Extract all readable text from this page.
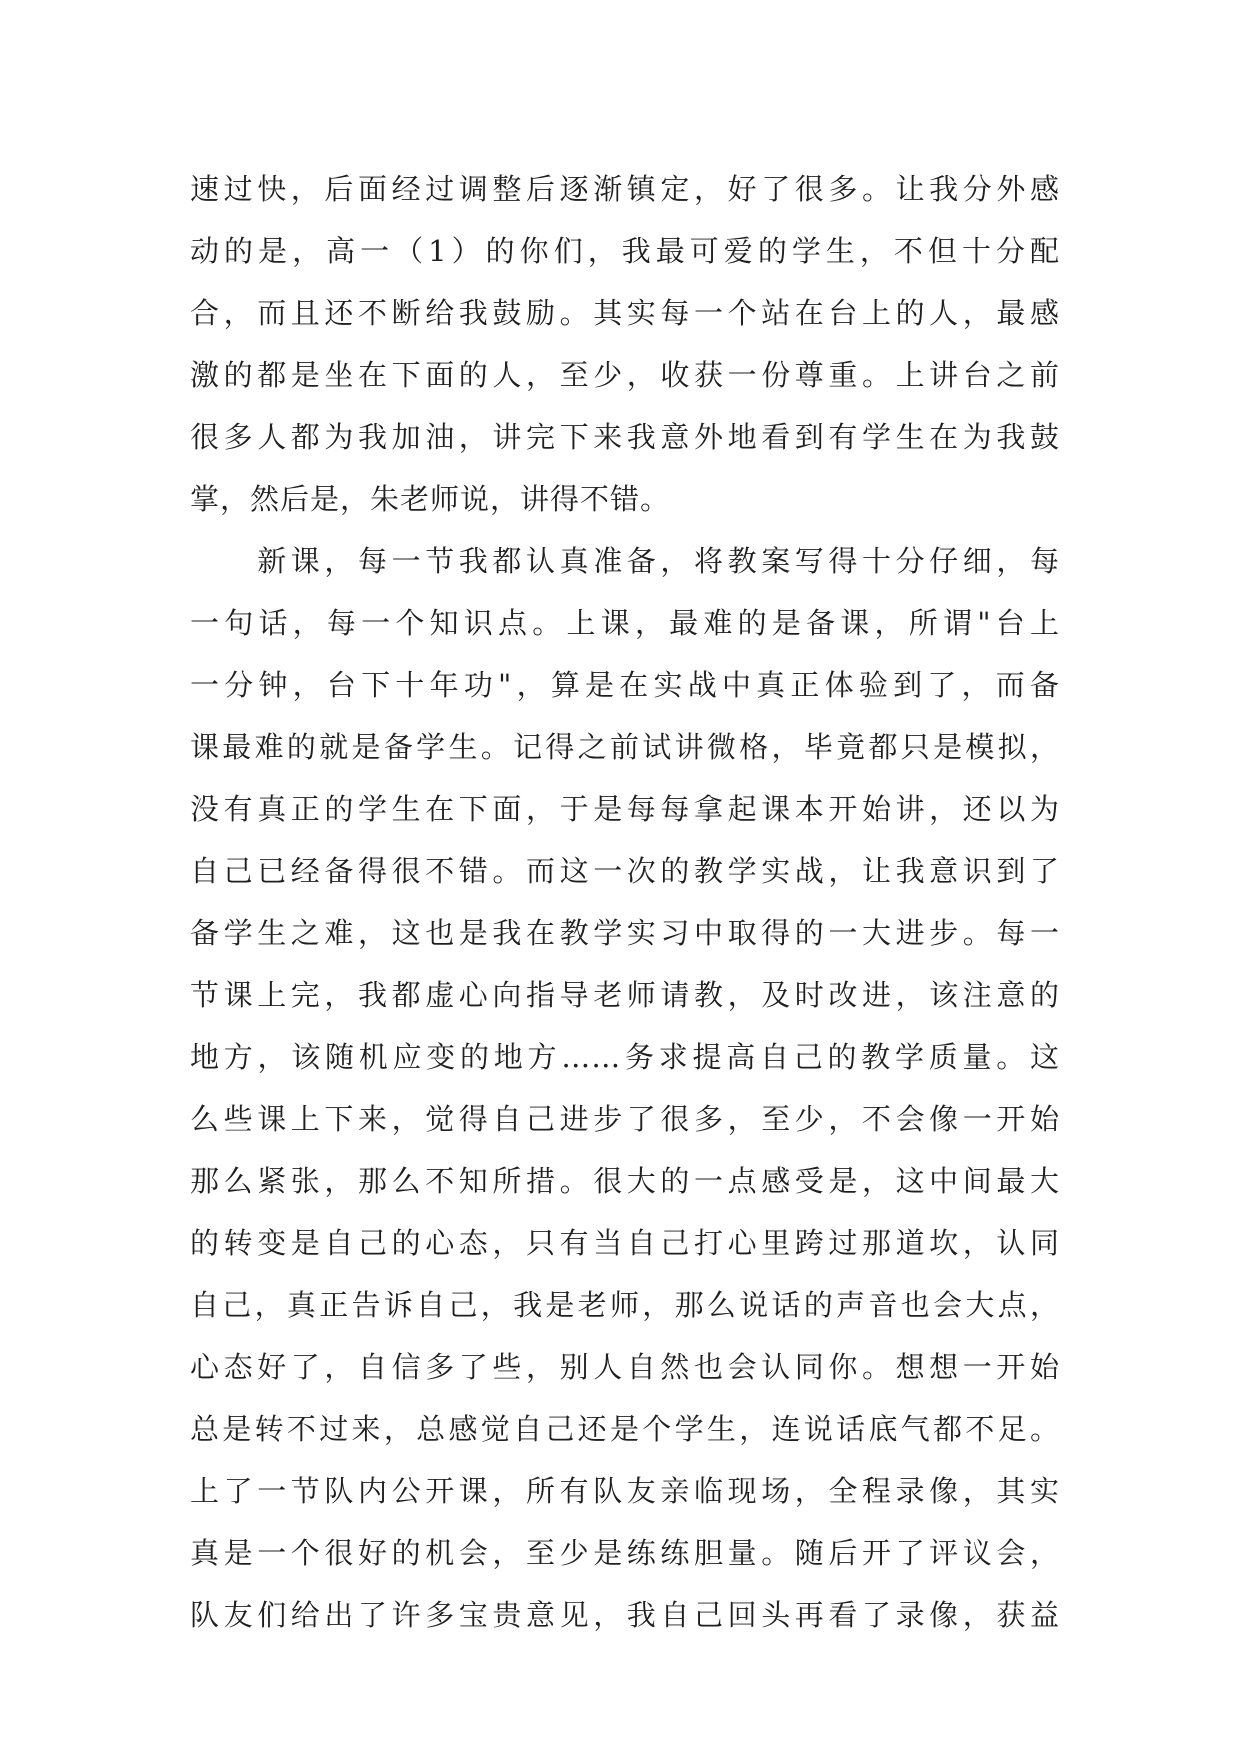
速过快，后面经过调整后逐渐镇定，好了很多。让我分外感
动的是，高一（1）的你们，我最可爱的学生，不但十分配
合，而且还不断给我鼓励。其实每一个站在台上的人，最感
激的都是坐在下面的人，至少，收获一份尊重。上讲台之前
很多人都为我加油，讲完下来我意外地看到有学生在为我鼓
掌，然后是，朱老师说，讲得不错。
　　新课，每一节我都认真准备，将教案写得十分仔细，每
一句话，每一个知识点。上课，最难的是备课，所谓"台上
一分钟，台下十年功"，算是在实战中真正体验到了，而备
课最难的就是备学生。记得之前试讲微格，毕竟都只是模拟，
没有真正的学生在下面，于是每每拿起课本开始讲，还以为
自己已经备得很不错。而这一次的教学实战，让我意识到了
备学生之难，这也是我在教学实习中取得的一大进步。每一
节课上完，我都虚心向指导老师请教，及时改进，该注意的
地方，该随机应变的地方……务求提高自己的教学质量。这
么些课上下来，觉得自己进步了很多，至少，不会像一开始
那么紧张，那么不知所措。很大的一点感受是，这中间最大
的转变是自己的心态，只有当自己打心里跨过那道坎，认同
自己，真正告诉自己，我是老师，那么说话的声音也会大点，
心态好了，自信多了些，别人自然也会认同你。想想一开始
总是转不过来，总感觉自己还是个学生，连说话底气都不足。
上了一节队内公开课，所有队友亲临现场，全程录像，其实
真是一个很好的机会，至少是练练胆量。随后开了评议会，
队友们给出了许多宝贵意见，我自己回头再看了录像，获益
